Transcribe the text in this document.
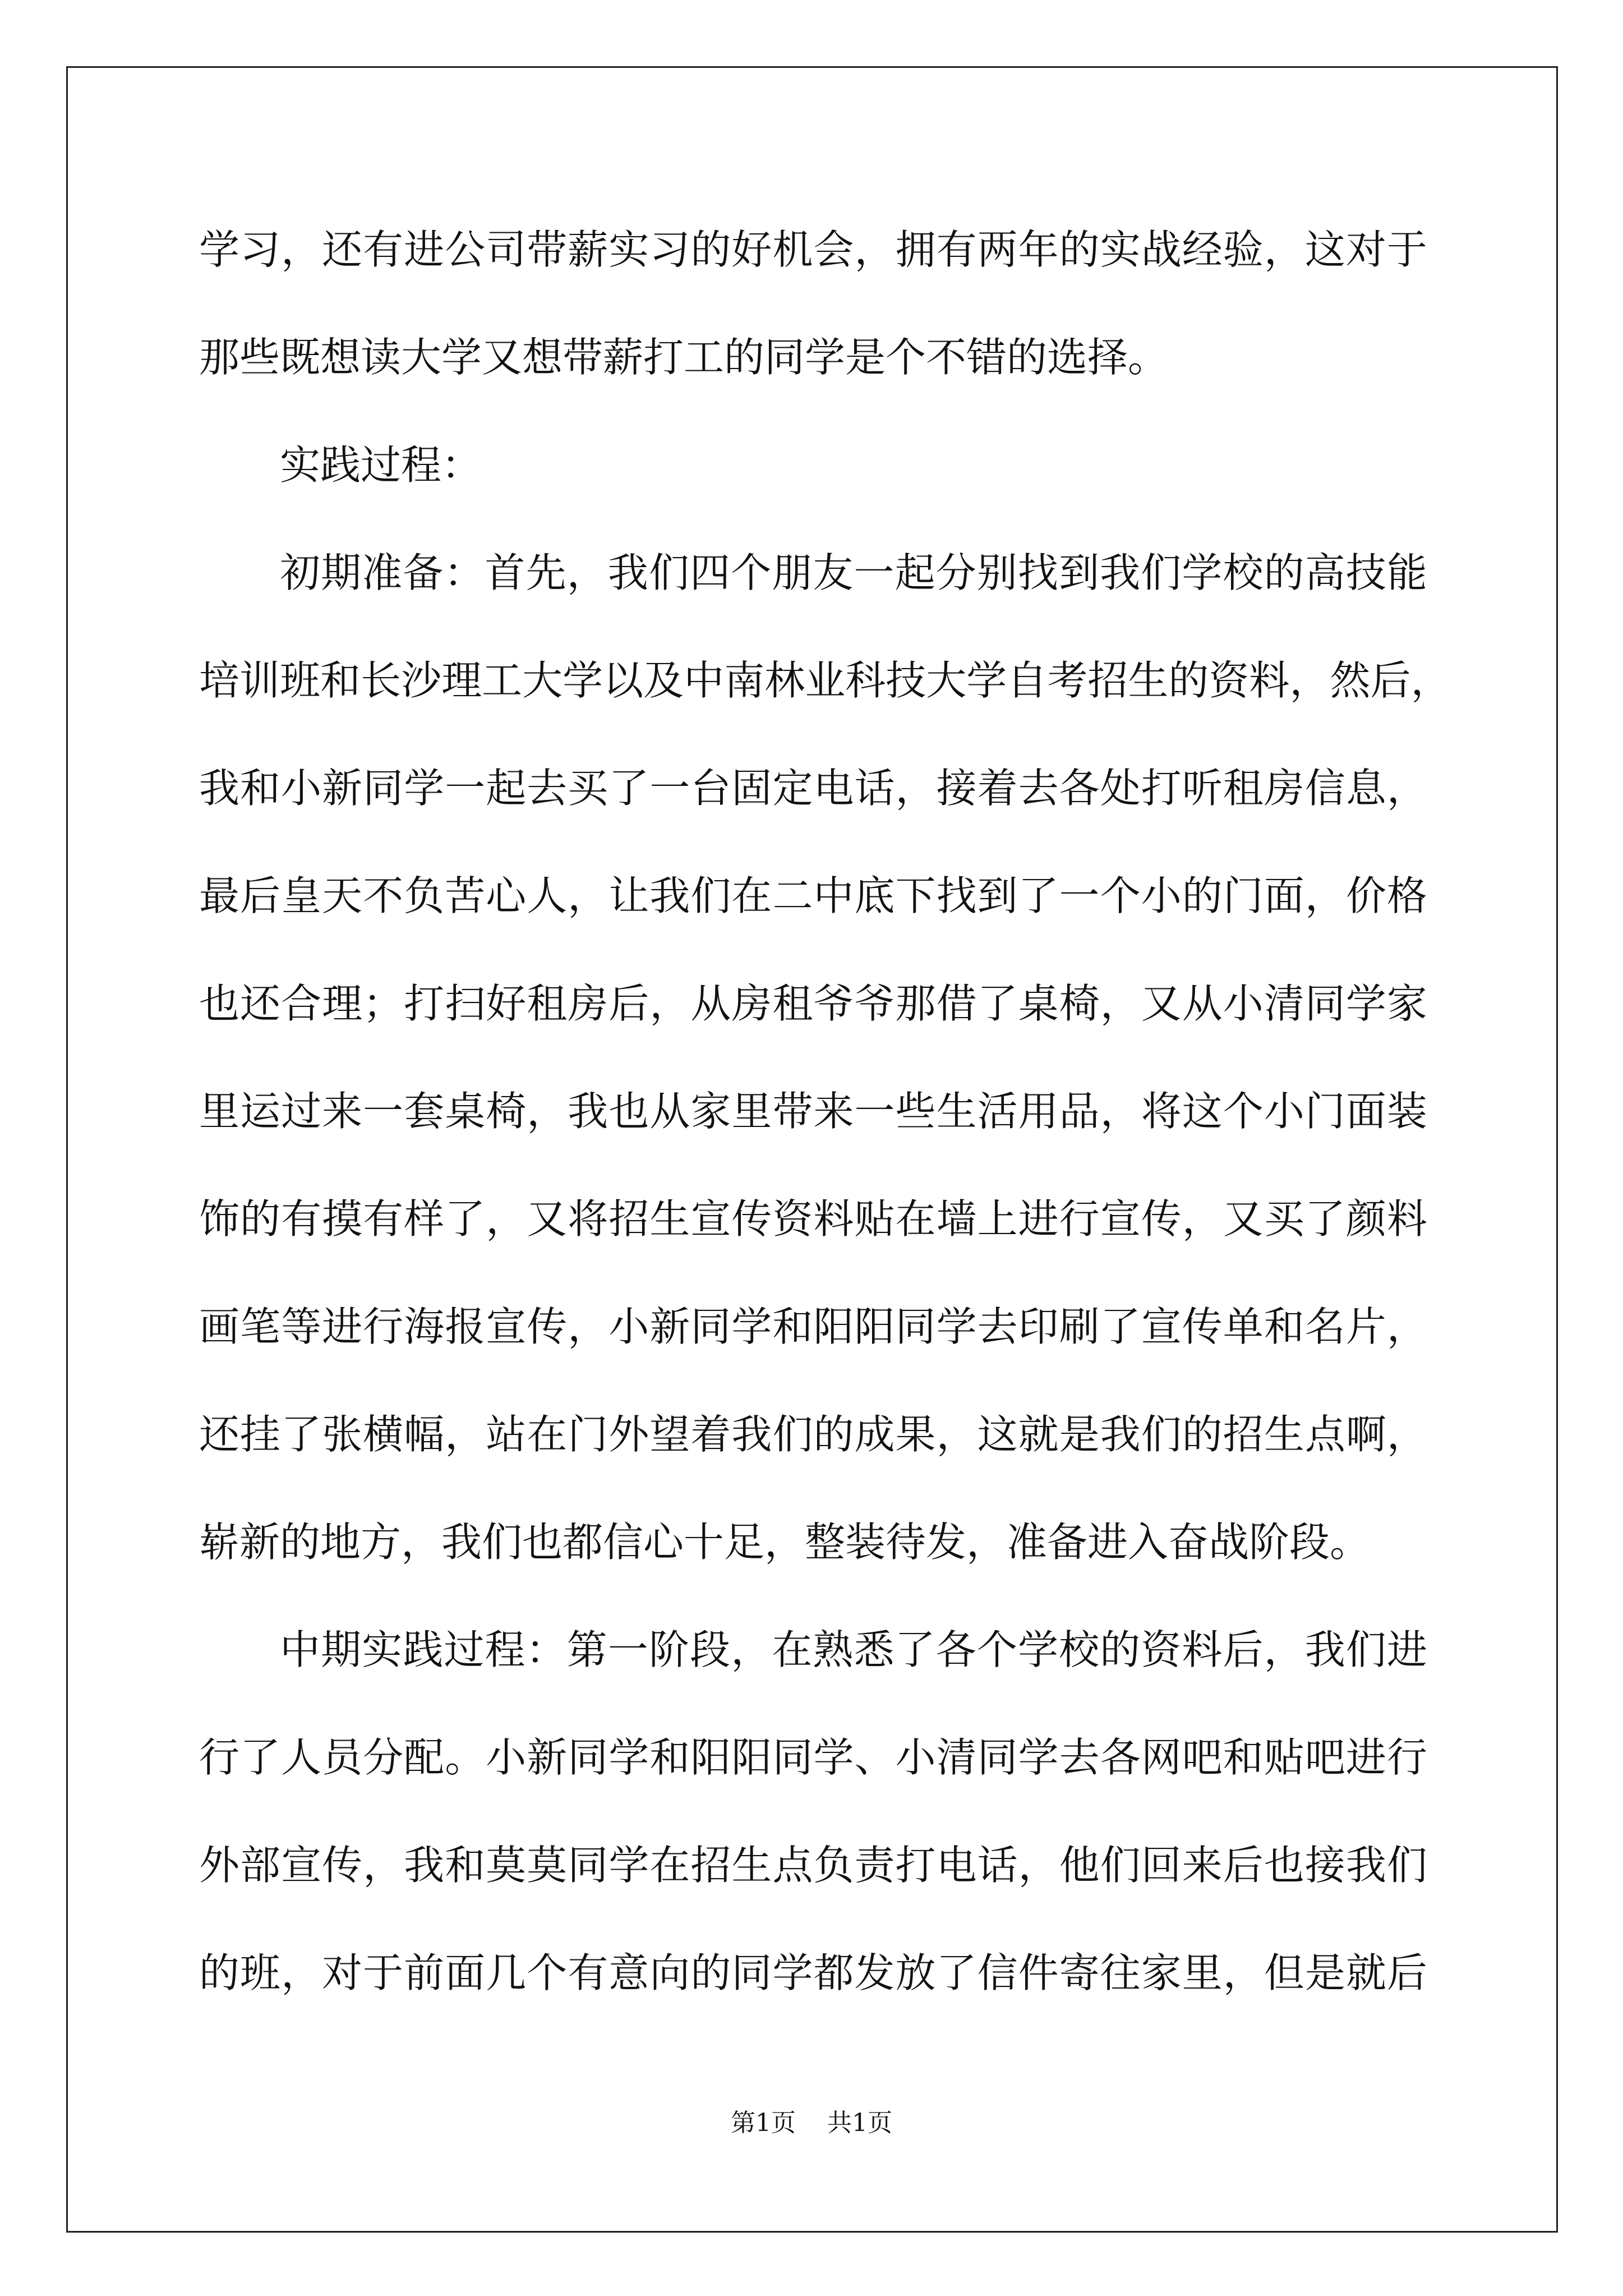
学 习 ， 还 有 进 公 司 带 薪 实 习 的 好 机 会 ， 拥 有 两 年 的 实 战 经 验 ， 这 对 于
那些既想读大学又想带薪打工的同学是个不错的选择。
实践过程：
初 期 准 备 ： 首 先 ， 我 们 四 个 朋 友 一 起 分 别 找 到 我 们 学 校 的 高 技 能
培 训 班 和 长 沙 理 工 大 学 以 及 中 南 林 业 科 技 大 学 自 考 招 生 的 资 料 ， 然 后 ，
我 和 小 新 同 学 一 起 去 买 了 一 台 固 定 电 话 ， 接 着 去 各 处 打 听 租 房 信 息 ，
最 后 皇 天 不 负 苦 心 人 ， 让 我 们 在 二 中 底 下 找 到 了 一 个 小 的 门 面 ， 价 格
也 还 合 理 ； 打 扫 好 租 房 后 ， 从 房 租 爷 爷 那 借 了 桌 椅 ， 又 从 小 清 同 学 家
里 运 过 来 一 套 桌 椅 ， 我 也 从 家 里 带 来 一 些 生 活 用 品 ， 将 这 个 小 门 面 装
饰 的 有 摸 有 样 了 ， 又 将 招 生 宣 传 资 料 贴 在 墙 上 进 行 宣 传 ， 又 买 了 颜 料
画 笔 等 进 行 海 报 宣 传 ， 小 新 同 学 和 阳 阳 同 学 去 印 刷 了 宣 传 单 和 名 片 ，
还 挂 了 张 横 幅 ， 站 在 门 外 望 着 我 们 的 成 果 ， 这 就 是 我 们 的 招 生 点 啊 ，
崭新的地方，我们也都信心十足，整装待发，准备进入奋战阶段。
中 期 实 践 过 程 ： 第 一 阶 段 ， 在 熟 悉 了 各 个 学 校 的 资 料 后 ， 我 们 进
行 了 人 员 分 配 。 小 新 同 学 和 阳 阳 同 学 、 小 清 同 学 去 各 网 吧 和 贴 吧 进 行
外 部 宣 传 ， 我 和 莫 莫 同 学 在 招 生 点 负 责 打 电 话 ， 他 们 回 来 后 也 接 我 们
的 班 ， 对 于 前 面 几 个 有 意 向 的 同 学 都 发 放 了 信 件 寄 往 家 里 ， 但 是 就 后
第1页 共1页
